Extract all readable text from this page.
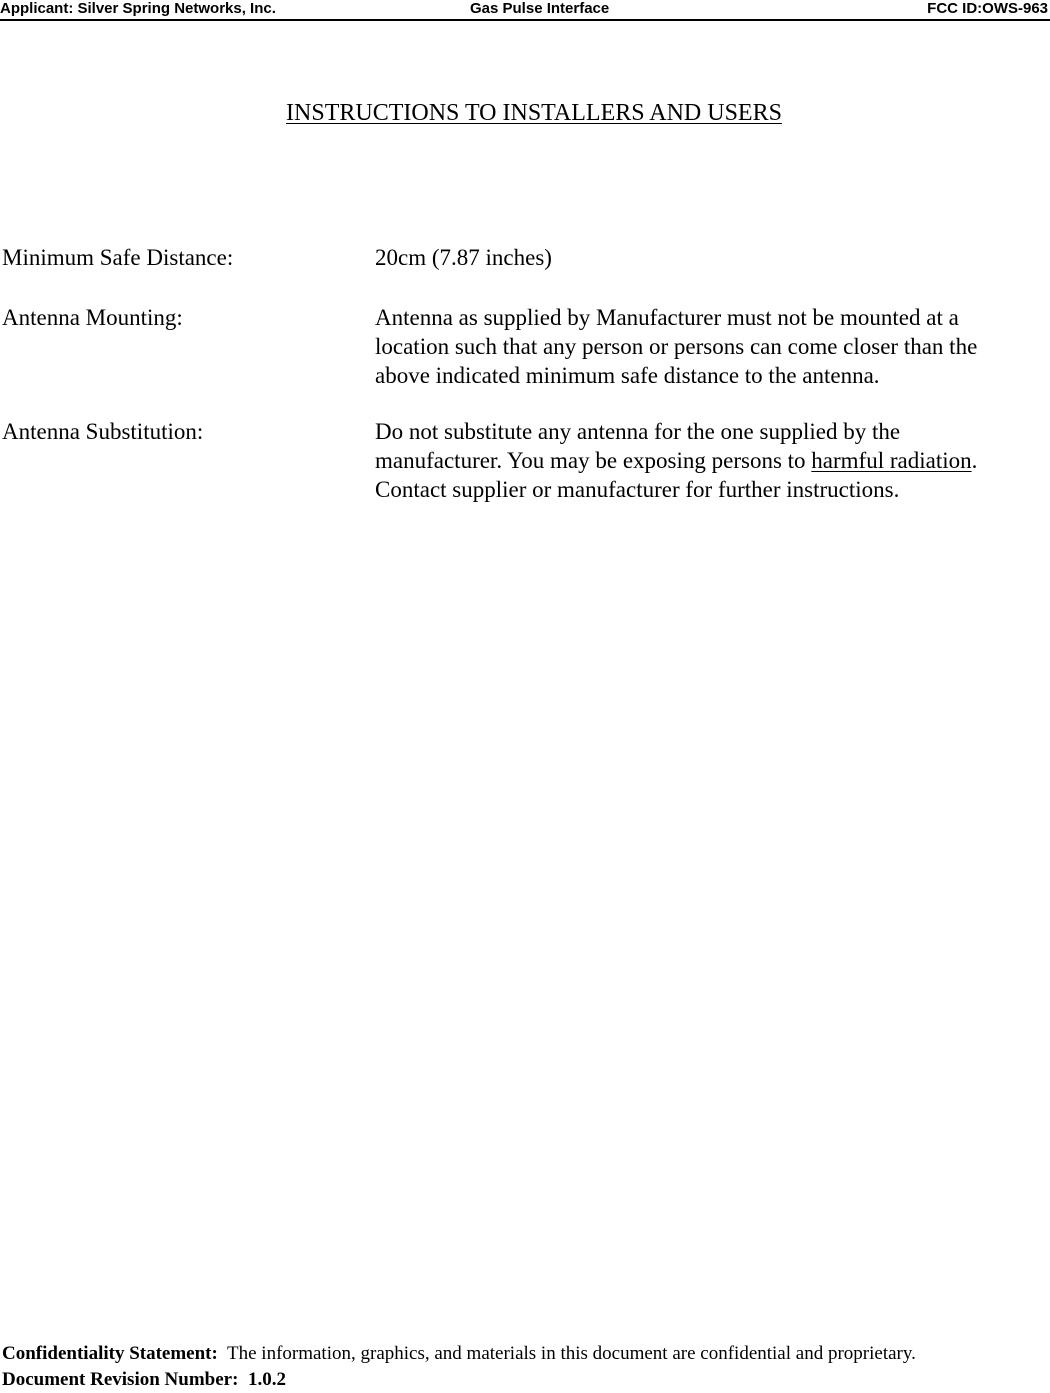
Applicant: Silver Spring Networks, Inc.	Gas Pulse Interface	FCC ID:OWS-963
INSTRUCTIONS TO INSTALLERS AND USERS
Minimum Safe Distance:	20cm (7.87 inches)
Antenna Mounting:	Antenna as supplied by Manufacturer must not be mounted at a
location such that any person or persons can come closer than the
above indicated minimum safe distance to the antenna.
Antenna Substitution:	Do not substitute any antenna for the one supplied by the
manufacturer. You may be exposing persons to harmful radiation.
Contact supplier or manufacturer for further instructions.
Confidentiality Statement:  The information, graphics, and materials in this document are confidential and proprietary.
Document Revision Number:  1.0.2
